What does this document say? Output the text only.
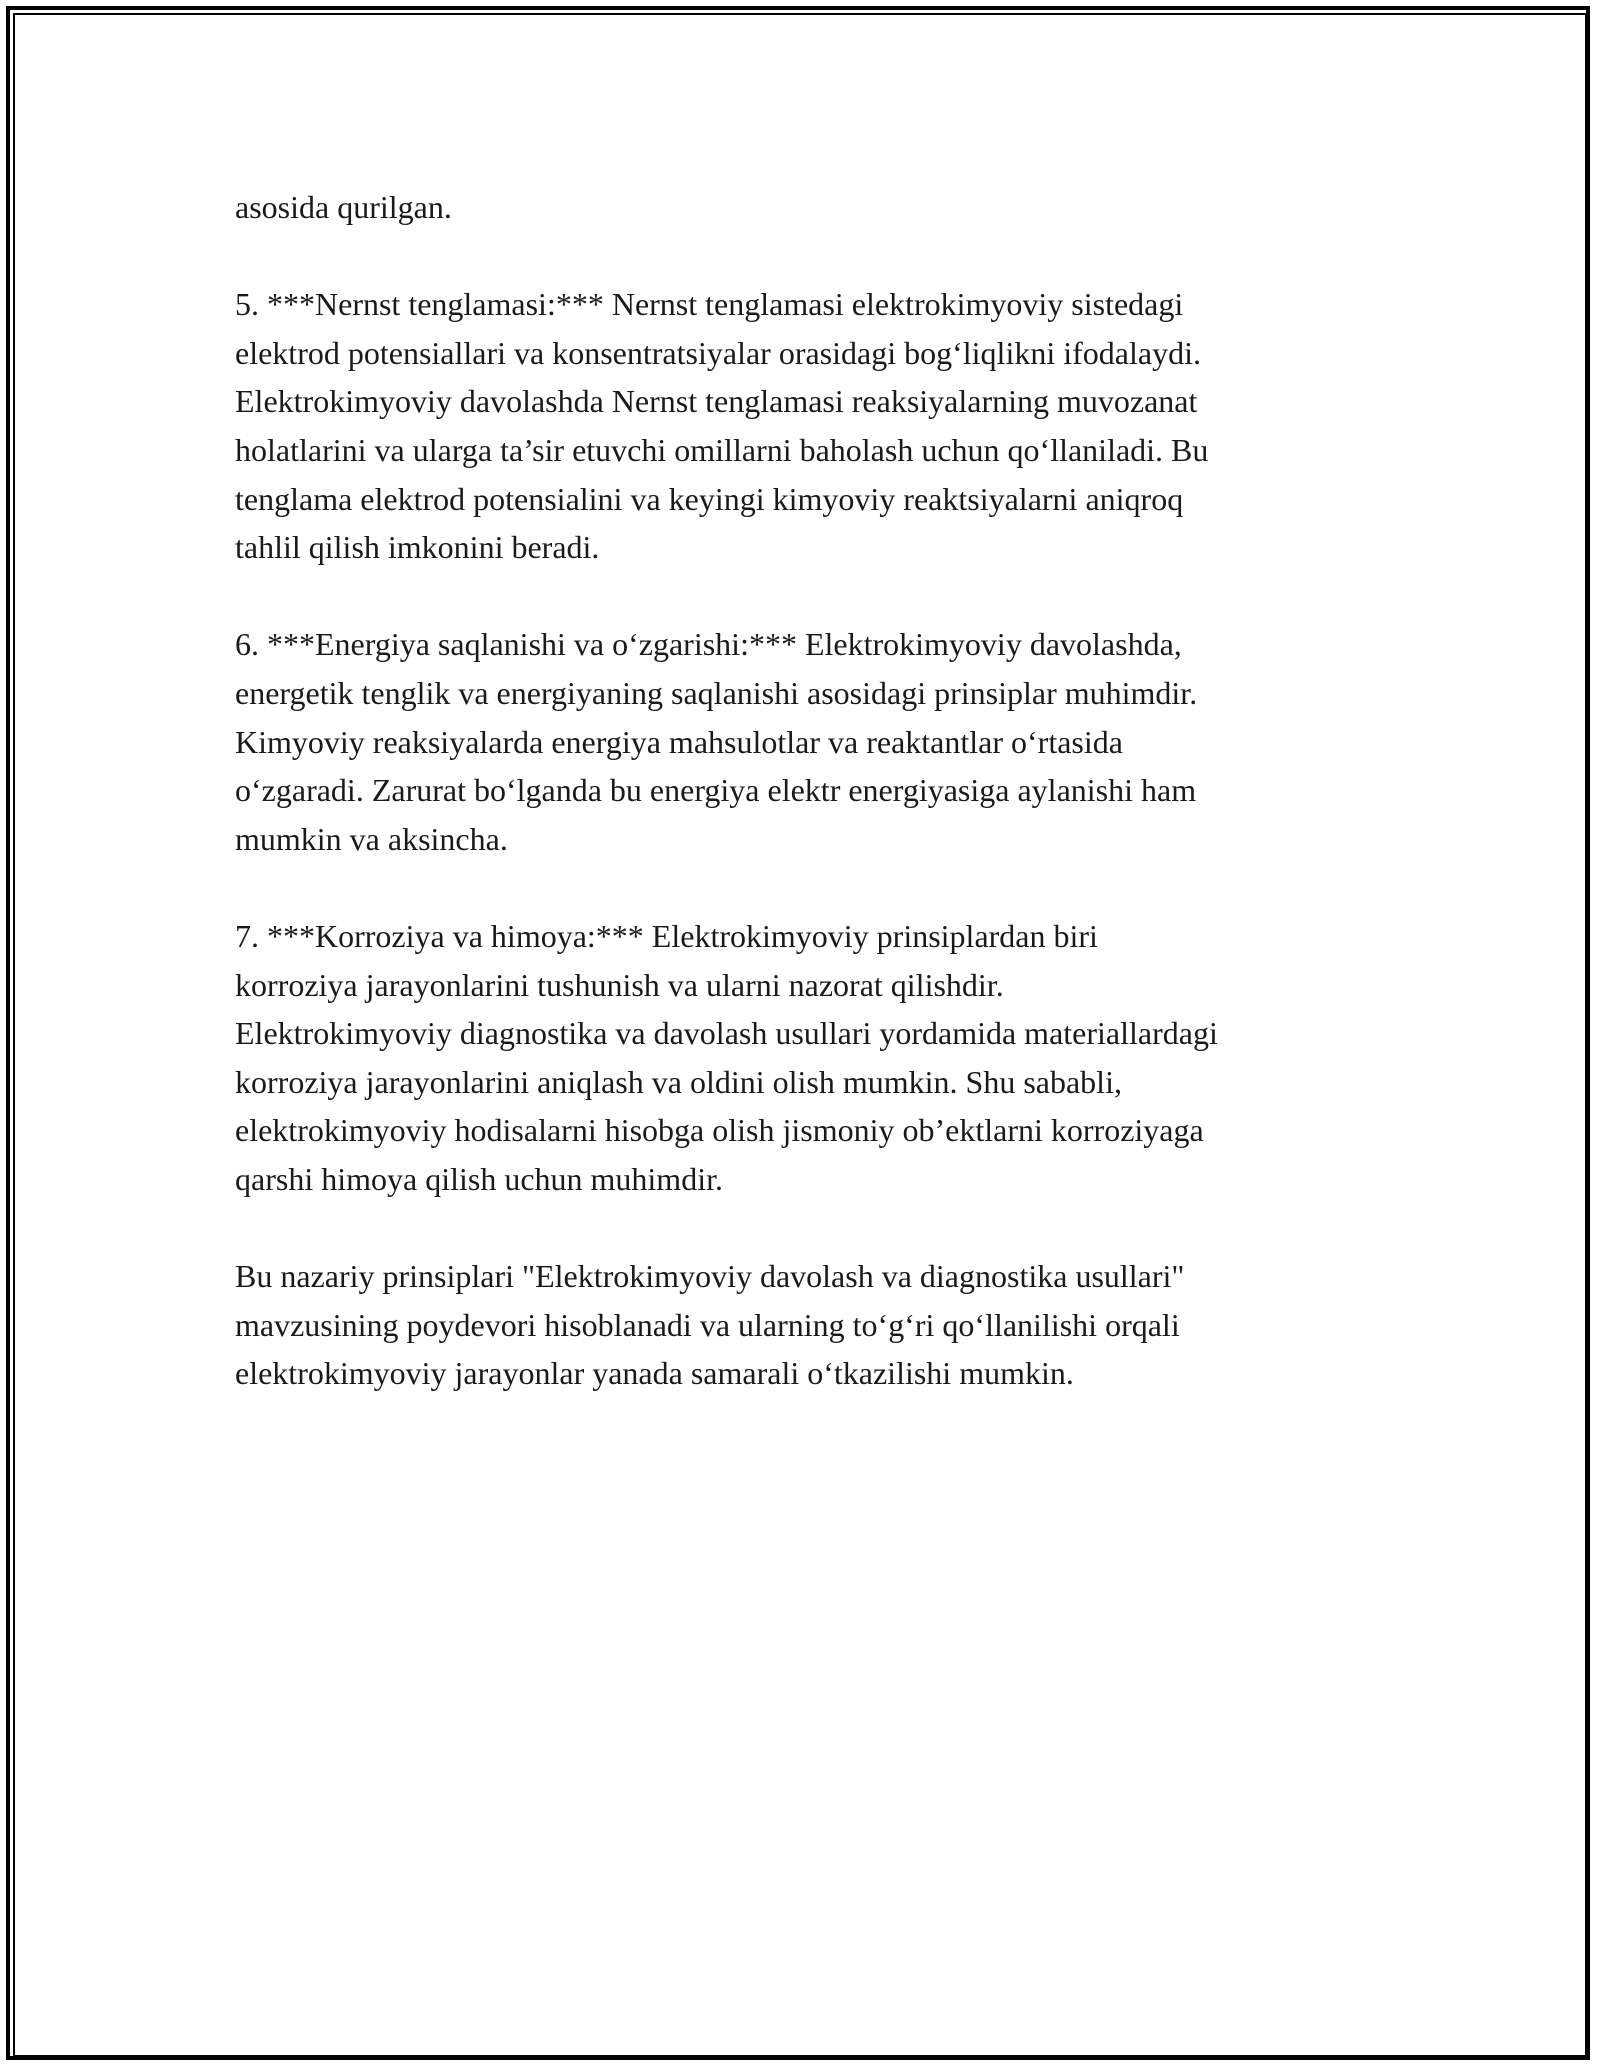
asosida qurilgan.

5. ***Nernst tenglamasi:*** Nernst tenglamasi elektrokimyoviy sistedagi
elektrod potensiallari va konsentratsiyalar orasidagi bog‘liqlikni ifodalaydi.
Elektrokimyoviy davolashda Nernst tenglamasi reaksiyalarning muvozanat
holatlarini va ularga ta’sir etuvchi omillarni baholash uchun qo‘llaniladi. Bu
tenglama elektrod potensialini va keyingi kimyoviy reaktsiyalarni aniqroq
tahlil qilish imkonini beradi.

6. ***Energiya saqlanishi va o‘zgarishi:*** Elektrokimyoviy davolashda,
energetik tenglik va energiyaning saqlanishi asosidagi prinsiplar muhimdir.
Kimyoviy reaksiyalarda energiya mahsulotlar va reaktantlar o‘rtasida
o‘zgaradi. Zarurat bo‘lganda bu energiya elektr energiyasiga aylanishi ham
mumkin va aksincha.

7. ***Korroziya va himoya:*** Elektrokimyoviy prinsiplardan biri
korroziya jarayonlarini tushunish va ularni nazorat qilishdir.
Elektrokimyoviy diagnostika va davolash usullari yordamida materiallardagi
korroziya jarayonlarini aniqlash va oldini olish mumkin. Shu sababli,
elektrokimyoviy hodisalarni hisobga olish jismoniy ob’ektlarni korroziyaga
qarshi himoya qilish uchun muhimdir.

Bu nazariy prinsiplari "Elektrokimyoviy davolash va diagnostika usullari"
mavzusining poydevori hisoblanadi va ularning to‘g‘ri qo‘llanilishi orqali
elektrokimyoviy jarayonlar yanada samarali o‘tkazilishi mumkin.
